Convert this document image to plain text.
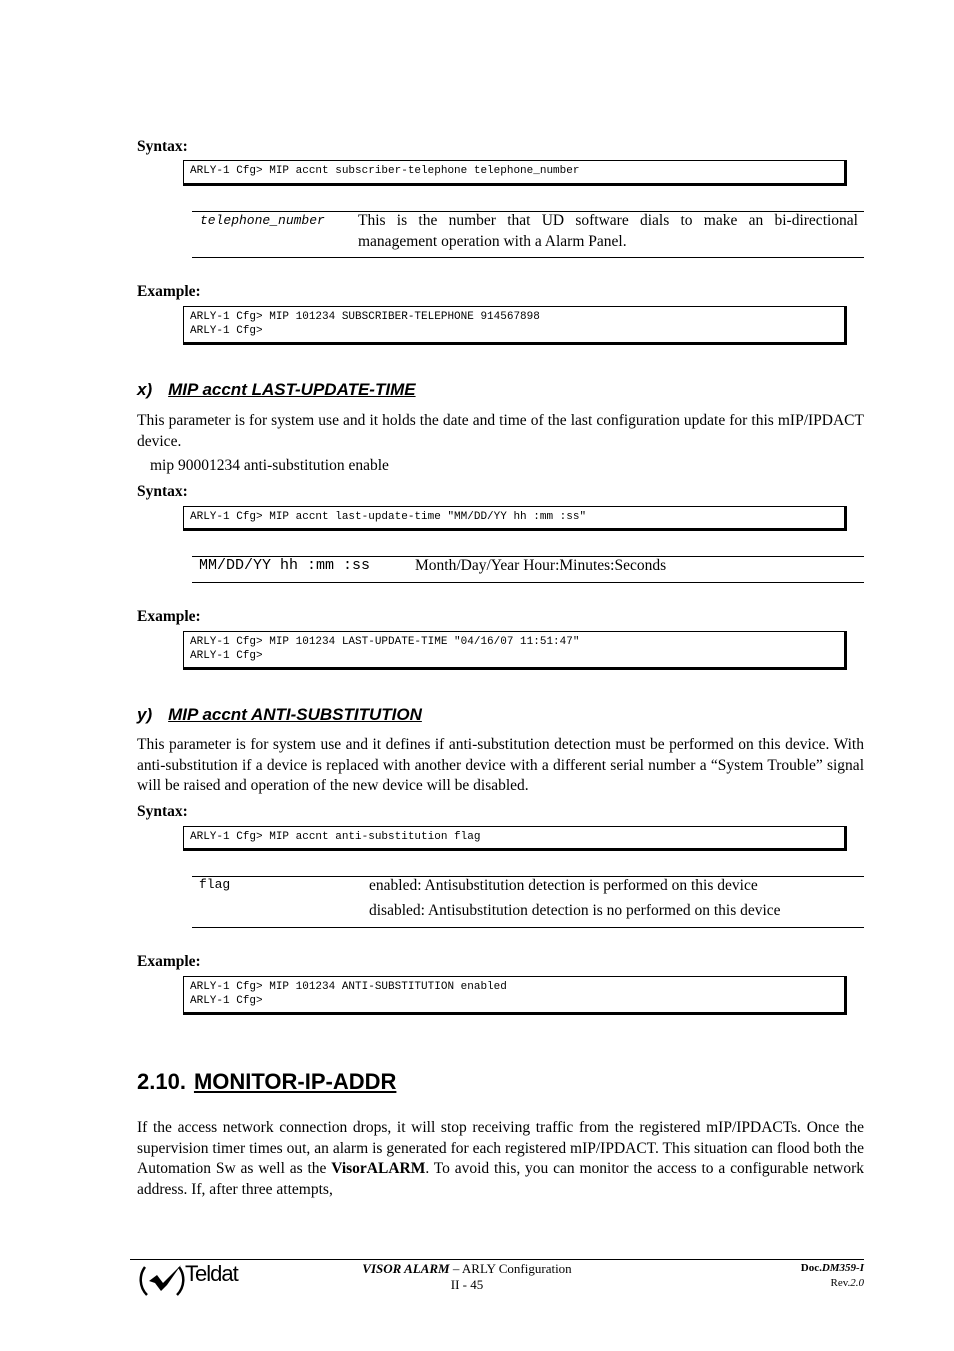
Syntax:
ARLY-1 Cfg> MIP accnt subscriber-telephone telephone_number
telephone_number This is the number that UD software dials to make an bi-directional management operation with a Alarm Panel.
Example:
ARLY-1 Cfg> MIP 101234 SUBSCRIBER-TELEPHONE 914567898
ARLY-1 Cfg>
x) MIP accnt LAST-UPDATE-TIME
This parameter is for system use and it holds the date and time of the last configuration update for this mIP/IPDACT device.
mip 90001234 anti-substitution enable
Syntax:
ARLY-1 Cfg> MIP accnt last-update-time "MM/DD/YY hh :mm :ss"
MM/DD/YY hh :mm :ss	Month/Day/Year Hour:Minutes:Seconds
Example:
ARLY-1 Cfg> MIP 101234 LAST-UPDATE-TIME "04/16/07 11:51:47"
ARLY-1 Cfg>
y) MIP accnt ANTI-SUBSTITUTION
This parameter is for system use and it defines if anti-substitution detection must be performed on this device. With anti-substitution if a device is replaced with another device with a different serial number a “System Trouble” signal will be raised and operation of the new device will be disabled.
Syntax:
ARLY-1 Cfg> MIP accnt anti-substitution flag
flag	enabled: Antisubstitution detection is performed on this device
disabled: Antisubstitution detection is no performed on this device
Example:
ARLY-1 Cfg> MIP 101234 ANTI-SUBSTITUTION enabled
ARLY-1 Cfg>
2.10. MONITOR-IP-ADDR
If the access network connection drops, it will stop receiving traffic from the registered mIP/IPDACTs. Once the supervision timer times out, an alarm is generated for each registered mIP/IPDACT. This situation can flood both the Automation Sw as well as the VisorALARM. To avoid this, you can monitor the access to a configurable network address. If, after three attempts,
Teldat	VISOR ALARM – ARLY Configuration
II - 45
Doc.DM359-I
Rev.2.0
